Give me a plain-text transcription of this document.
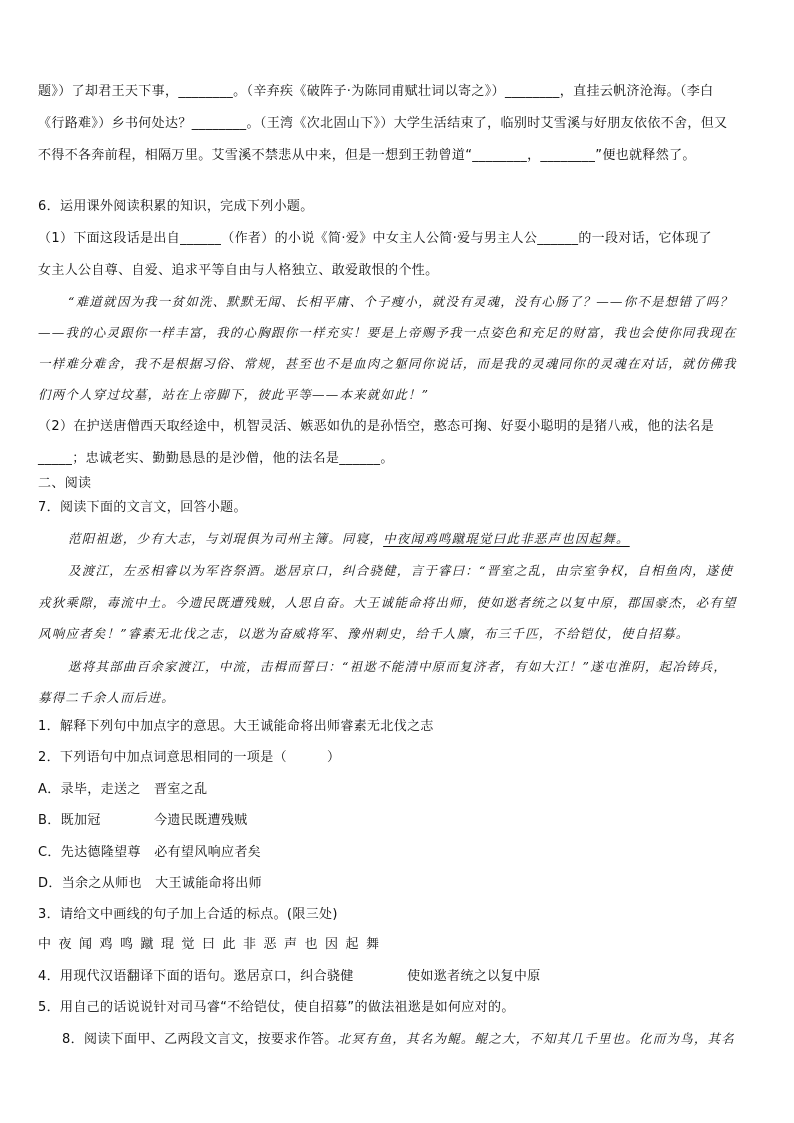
题》）了却君王天下事，________。（辛弃疾《破阵子·为陈同甫赋壮词以寄之》）________，直挂云帆济沧海。（李白
《行路难》）乡书何处达？________。（王湾《次北固山下》）大学生活结束了，临别时艾雪溪与好朋友依依不舍，但又
不得不各奔前程，相隔万里。艾雪溪不禁悲从中来，但是一想到王勃曾道“________，________”便也就释然了。
6．运用课外阅读积累的知识，完成下列小题。
（1）下面这段话是出自______（作者）的小说《简·爱》中女主人公简·爱与男主人公______的一段对话，它体现了
女主人公自尊、自爱、追求平等自由与人格独立、敢爱敢恨的个性。
“难道就因为我一贫如洗、默默无闻、长相平庸、个子瘦小，就没有灵魂，没有心肠了？——你不是想错了吗？
——我的心灵跟你一样丰富，我的心胸跟你一样充实！要是上帝赐予我一点姿色和充足的财富，我也会使你同我现在
一样难分难舍，我不是根据习俗、常规，甚至也不是血肉之躯同你说话，而是我的灵魂同你的灵魂在对话，就仿佛我
们两个人穿过坟墓，站在上帝脚下，彼此平等——本来就如此！”
（2）在护送唐僧西天取经途中，机智灵活、嫉恶如仇的是孙悟空，憨态可掬、好耍小聪明的是猪八戒，他的法名是
_____；忠诚老实、勤勤恳恳的是沙僧，他的法名是______。
二、阅读
7．阅读下面的文言文，回答小题。
范阳祖逖，少有大志，与刘琨俱为司州主簿。同寝，中夜闻鸡鸣蹴琨觉曰此非恶声也因起舞。
及渡江，左丞相睿以为军咨祭酒。逖居京口，纠合骁健，言于睿曰：“晋室之乱，由宗室争权，自相鱼肉，遂使
戎狄乘隙，毒流中土。今遗民既遭残贼，人思自奋。大王诚能命将出师，使如逖者统之以复中原，郡国豪杰，必有望
风响应者矣！”睿素无北伐之志，以逖为奋威将军、豫州刺史，给千人廪，布三千匹，不给铠仗，使自招募。
逖将其部曲百余家渡江，中流，击楫而誓曰：“祖逖不能清中原而复济者，有如大江！”遂屯淮阴，起冶铸兵，
募得二千余人而后进。
1．解释下列句中加点字的意思。大王诚能命将出师睿素无北伐之志
2．下列语句中加点词意思相同的一项是（　　　）
A．录毕，走送之　晋室之乱
B．既加冠　　　　今遗民既遭残贼
C．先达德隆望尊　必有望风响应者矣
D．当余之从师也　大王诚能命将出师
3．请给文中画线的句子加上合适的标点。(限三处)
中夜闻鸡鸣蹴琨觉曰此非恶声也因起舞
4．用现代汉语翻译下面的语句。逖居京口，纠合骁健　　　　使如逖者统之以复中原
5．用自己的话说说针对司马睿“不给铠仗，使自招募”的做法祖逖是如何应对的。
8．阅读下面甲、乙两段文言文，按要求作答。北冥有鱼，其名为鲲。鲲之大，不知其几千里也。化而为鸟，其名
